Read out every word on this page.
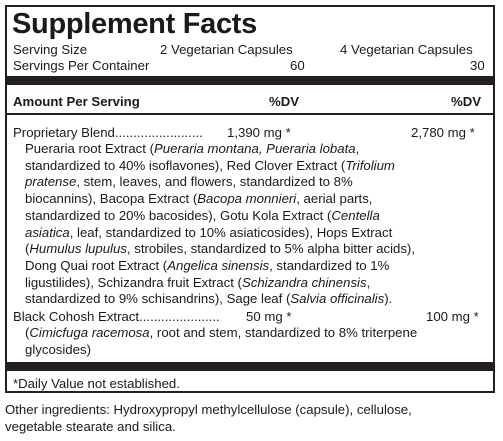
Supplement Facts
Serving Size	2 Vegetarian Capsules	4 Vegetarian Capsules
Servings Per Container	60	30
Amount Per Serving	%DV	%DV
Proprietary Blend........................ 1,390 mg *	2,780 mg *

Pueraria root Extract (Pueraria montana, Pueraria lobata,

standardized to 40% isoflavones), Red Clover Extract (Trifolium

pratense, stem, leaves, and flowers, standardized to 8%

biocannins), Bacopa Extract (Bacopa monnieri, aerial parts,

standardized to 20% bacosides), Gotu Kola Extract (Centella

asiatica, leaf, standardized to 10% asiaticosides), Hops Extract

(Humulus lupulus, strobiles, standardized to 5% alpha bitter acids),

Dong Quai root Extract (Angelica sinensis, standardized to 1%

ligustilides), Schizandra fruit Extract (Schizandra chinensis,

standardized to 9% schisandrins), Sage leaf (Salvia officinalis).

Black Cohosh Extract...................... 50 mg *	100 mg *

(Cimicfuga racemosa, root and stem, standardized to 8% triterpene

glycosides)

*Daily Value not established.

Other ingredients: Hydroxypropyl methylcellulose (capsule), cellulose,

vegetable stearate and silica.
